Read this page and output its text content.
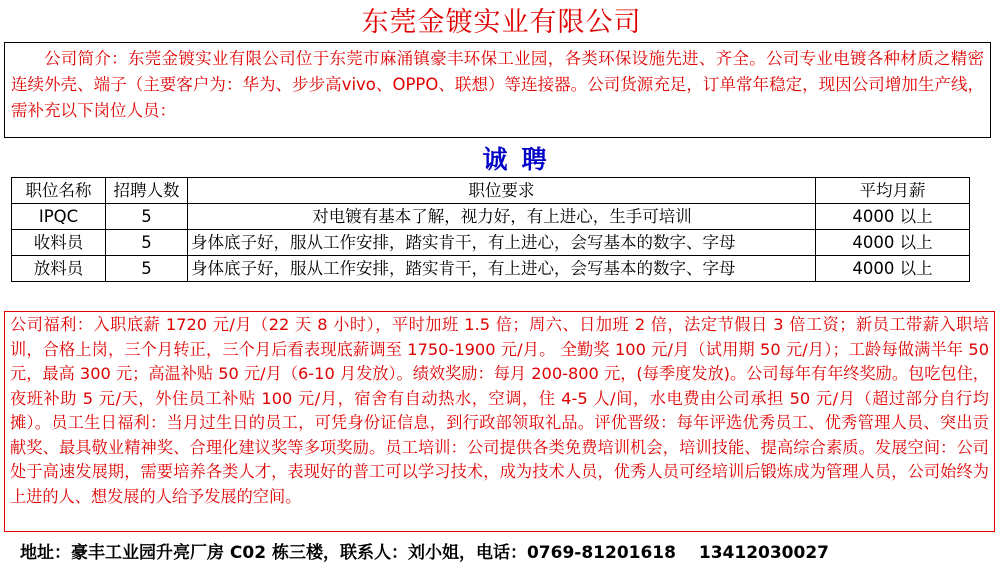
东莞金镀实业有限公司
公司简介：东莞金镀实业有限公司位于东莞市麻涌镇豪丰环保工业园，各类环保设施先进、齐全。公司专业电镀各种材质之精密连续外壳、端子（主要客户为：华为、步步高vivo、OPPO、联想）等连接器。公司货源充足，订单常年稳定，现因公司增加生产线，需补充以下岗位人员：
诚聘
职位名称	招聘人数	职位要求	平均月薪
IPQC	5	对电镀有基本了解，视力好，有上进心，生手可培训	4000 以上
收料员	5	身体底子好，服从工作安排，踏实肯干，有上进心，会写基本的数字、字母	4000 以上
放料员	5	身体底子好，服从工作安排，踏实肯干，有上进心，会写基本的数字、字母	4000 以上
公司福利：入职底薪 1720 元/月（22 天 8 小时），平时加班 1.5 倍；周六、日加班 2 倍，法定节假日 3 倍工资；新员工带薪入职培训，合格上岗，三个月转正，三个月后看表现底薪调至 1750-1900 元/月。 全勤奖 100 元/月（试用期 50 元/月）；工龄每做满半年 50 元，最高 300 元；高温补贴 50 元/月（6-10 月发放）。绩效奖励：每月 200-800 元，(每季度发放)。公司每年有年终奖励。包吃包住，夜班补助 5 元/天，外住员工补贴 100 元/月，宿舍有自动热水，空调，住 4-5 人/间，水电费由公司承担 50 元/月（超过部分自行均摊）。员工生日福利：当月过生日的员工，可凭身份证信息，到行政部领取礼品。评优晋级：每年评选优秀员工、优秀管理人员、突出贡献奖、最具敬业精神奖、合理化建议奖等多项奖励。员工培训：公司提供各类免费培训机会，培训技能、提高综合素质。发展空间：公司处于高速发展期，需要培养各类人才，表现好的普工可以学习技术，成为技术人员，优秀人员可经培训后锻炼成为管理人员，公司始终为上进的人、想发展的人给予发展的空间。
地址：豪丰工业园升亮厂房 C02 栋三楼，联系人：刘小姐，电话：0769-81201618　 13412030027
